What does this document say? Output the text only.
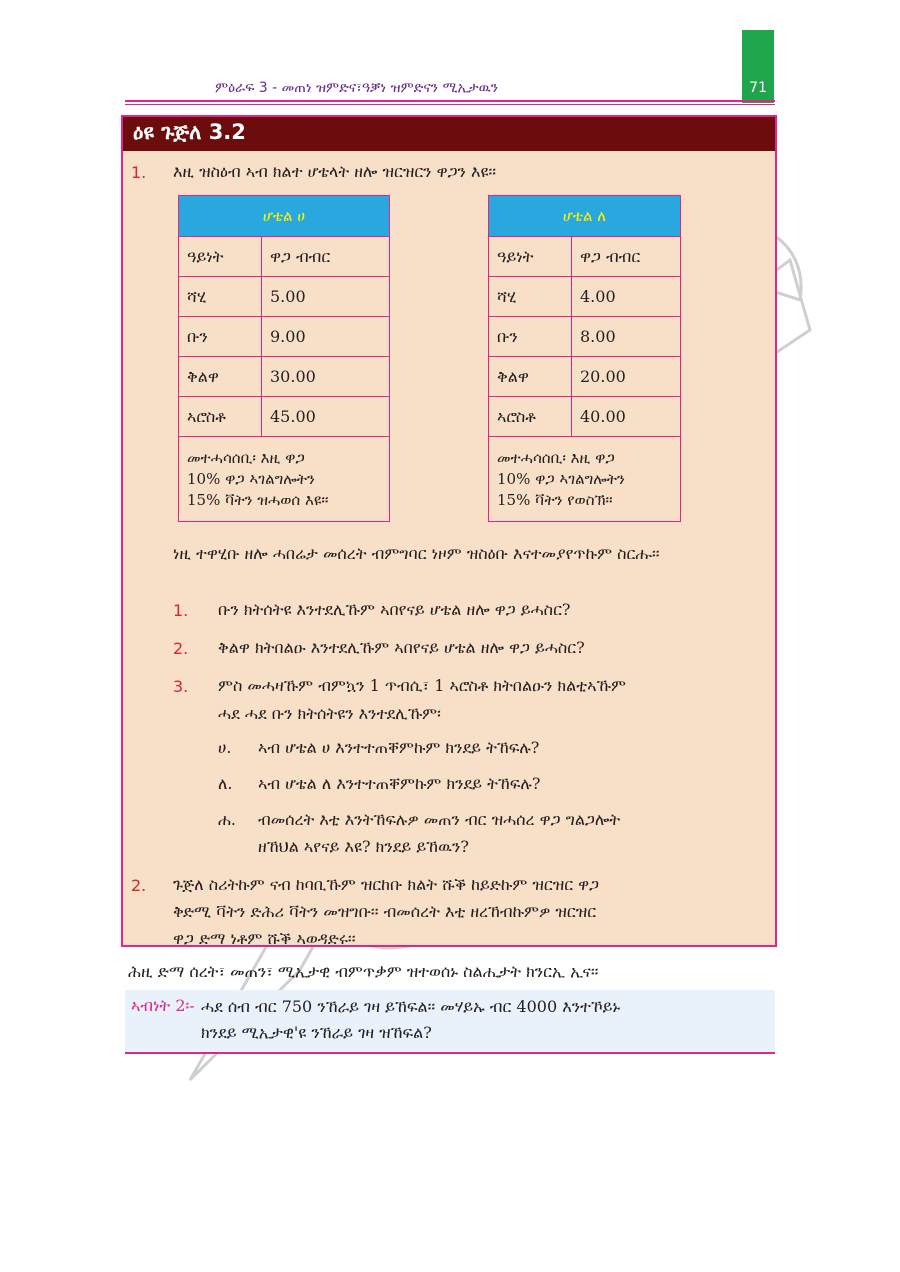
71
ምዕራፍ 3 - መጠነ ዝምድና፣ዓቓነ ዝምድናን ሚኢታዉን
ዕዩ ጉጅለ 3.2
1. እዚ ዝስዕብ ኣብ ክልተ ሆቴላት ዘሎ ዝርዝርን ዋጋን እዩ፡፡
ሆቴል ሀ	
ዓይነት	ዋጋ ብብር
ሻሂ	5.00
ቡን	9.00
ቅልዋ	30.00
ኣሮስቶ	45.00

መተሓሳሰቢ፡ እዚ ዋጋ
10% ዋጋ ኣገልግሎትን
15% ቫትን ዝሓወሰ እዩ፡፡	
ሆቴል ለ	
ዓይነት	ዋጋ ብብር
ሻሂ	4.00
ቡን	8.00
ቅልዋ	20.00
ኣሮስቶ	40.00

መተሓሳሰቢ፡ እዚ ዋጋ
10% ዋጋ ኣገልግሎትን
15% ቫትን የወስኽ፡፡	
ነዚ ተዋሂቡ ዘሎ ሓበሬታ መሰረት ብምግባር ነዞም ዝስዕቡ እናተመያየጥኩም ስርሑ፡፡
1. ቡን ክትሰትዩ እንተደሊኹም ኣበየናይ ሆቴል ዘሎ ዋጋ ይሓስር?
2. ቅልዋ ክትበልዑ እንተደሊኹም ኣበየናይ ሆቴል ዘሎ ዋጋ ይሓስር?
3. ምስ መሓዛኹም ብምኳን 1 ጥብሲ፣ 1 ኣሮስቶ ክትበልዑን ክልቲኣኹም
ሓደ ሓደ ቡን ክትሰትዩን እንተደሊኹም፡
ሀ. ኣብ ሆቴል ሀ እንተተጠቐምኩም ክንደይ ትኸፍሉ?
ለ. ኣብ ሆቴል ለ እንተተጠቐምኩም ክንደይ ትኸፍሉ?
ሐ. ብመሰረት እቲ እንትኸፍሉዎ መጠን ብር ዝሓሰረ ዋጋ ግልጋሎት
ዘኸህል ኣየናይ እዩ? ክንደይ ይኸዉን?
2. ጉጅለ ስሪትኩም ናብ ከባቢኹም ዝርከቡ ክልት ሹቕ ከይድኩም ዝርዝር ዋጋ
ቅድሚ ቫትን ድሕሪ ቫትን መዝግቡ፡፡ ብመሰረት እቲ ዘረኸብኩምዎ ዝርዝር
ዋጋ ድማ ነቶም ሹቕ ኣወዳድሩ፡፡
ሕዚ ድማ ሰረት፣ መጠን፣ ሚኢታዊ ብምጥቃም ዝተወሰኑ ስልሒታት ክንርኢ ኢና፡፡
ኣብነት 2፡- ሓደ ሰብ ብር 750 ንኸራይ ገዛ ይኸፍል፡፡ መሃይኡ ብር 4000 እንተኾይኑ
ክንደይ ሚኢታዊ'ዩ ንኸራይ ገዛ ዝኸፍል?
